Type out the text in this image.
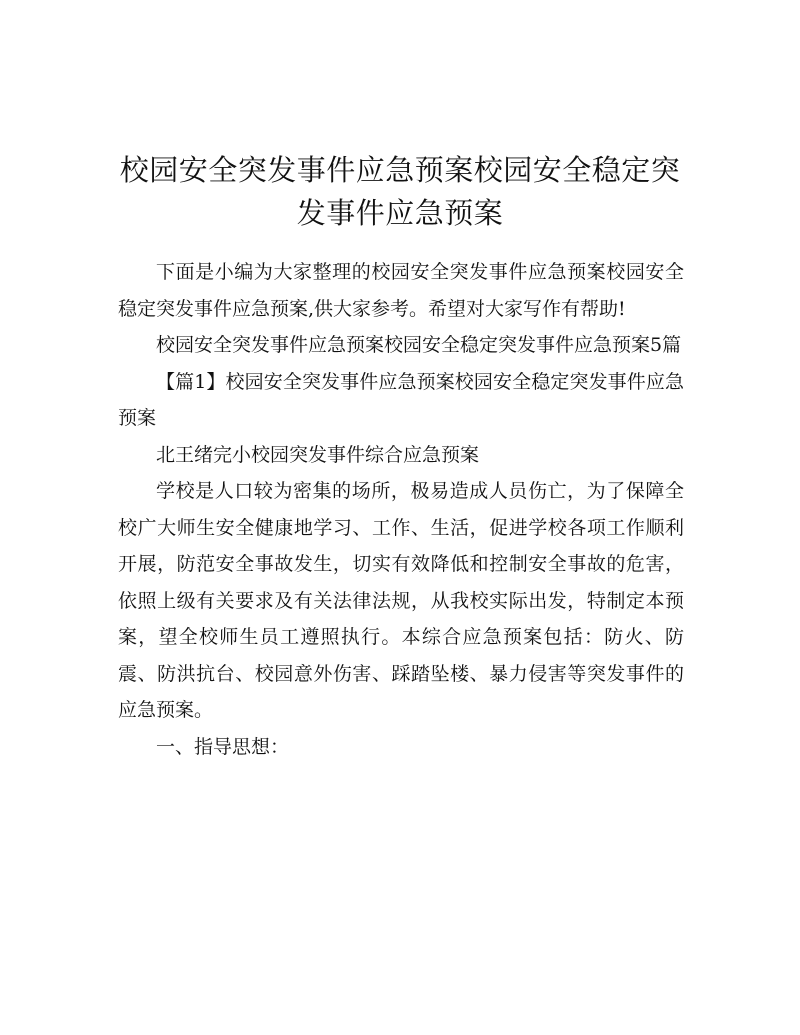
校园安全突发事件应急预案校园安全稳定突发事件应急预案

下面是小编为大家整理的校园安全突发事件应急预案校园安全稳定突发事件应急预案,供大家参考。希望对大家写作有帮助!

校园安全突发事件应急预案校园安全稳定突发事件应急预案5篇

【篇1】校园安全突发事件应急预案校园安全稳定突发事件应急预案

北王绪完小校园突发事件综合应急预案

学校是人口较为密集的场所，极易造成人员伤亡，为了保障全校广大师生安全健康地学习、工作、生活，促进学校各项工作顺利开展，防范安全事故发生，切实有效降低和控制安全事故的危害，依照上级有关要求及有关法律法规，从我校实际出发，特制定本预案，望全校师生员工遵照执行。本综合应急预案包括：防火、防震、防洪抗台、校园意外伤害、踩踏坠楼、暴力侵害等突发事件的应急预案。

一、指导思想：
